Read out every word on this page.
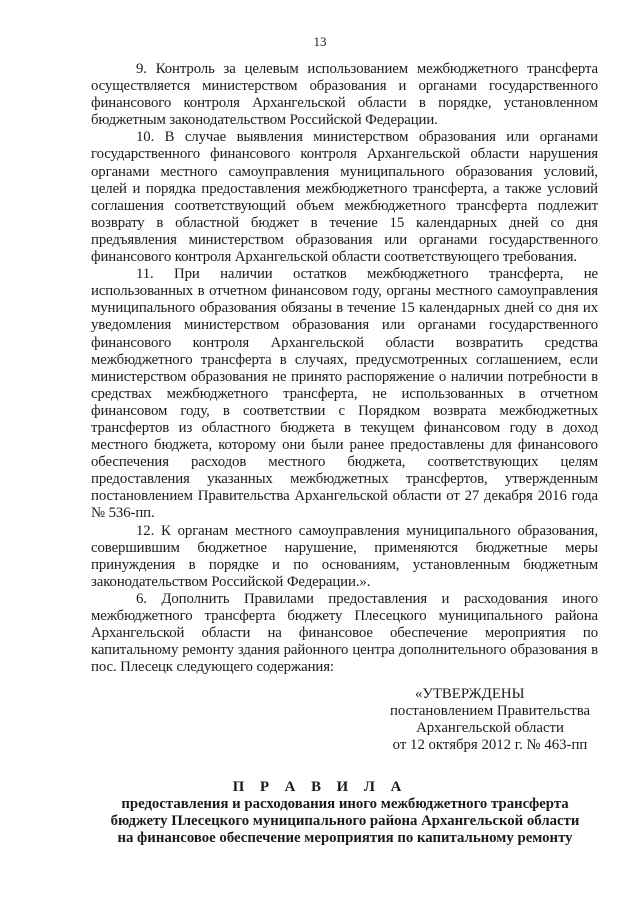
13

9. Контроль за целевым использованием межбюджетного трансферта осуществляется министерством образования и органами государственного финансового контроля Архангельской области в порядке, установленном бюджетным законодательством Российской Федерации.

10. В случае выявления министерством образования или органами государственного финансового контроля Архангельской области нарушения органами местного самоуправления муниципального образования условий, целей и порядка предоставления межбюджетного трансферта, а также условий соглашения соответствующий объем межбюджетного трансферта подлежит возврату в областной бюджет в течение 15 календарных дней со дня предъявления министерством образования или органами государственного финансового контроля Архангельской области соответствующего требования.

11. При наличии остатков межбюджетного трансферта, не использованных в отчетном финансовом году, органы местного самоуправления муниципального образования обязаны в течение 15 календарных дней со дня их уведомления министерством образования или органами государственного финансового контроля Архангельской области возвратить средства межбюджетного трансферта в случаях, предусмотренных соглашением, если министерством образования не принято распоряжение о наличии потребности в средствах межбюджетного трансферта, не использованных в отчетном финансовом году, в соответствии с Порядком возврата межбюджетных трансфертов из областного бюджета в текущем финансовом году в доход местного бюджета, которому они были ранее предоставлены для финансового обеспечения расходов местного бюджета, соответствующих целям предоставления указанных межбюджетных трансфертов, утвержденным постановлением Правительства Архангельской области от 27 декабря 2016 года № 536-пп.

12. К органам местного самоуправления муниципального образования, совершившим бюджетное нарушение, применяются бюджетные меры принуждения в порядке и по основаниям, установленным бюджетным законодательством Российской Федерации.».

6. Дополнить Правилами предоставления и расходования иного межбюджетного трансферта бюджету Плесецкого муниципального района Архангельской области на финансовое обеспечение мероприятия по капитальному ремонту здания районного центра дополнительного образования в пос. Плесецк следующего содержания:

«УТВЕРЖДЕНЫ
постановлением Правительства
Архангельской области
от 12 октября 2012 г. № 463-пп
П Р А В И Л А
предоставления и расходования иного межбюджетного трансферта
бюджету Плесецкого муниципального района Архангельской области
на финансовое обеспечение мероприятия по капитальному ремонту
